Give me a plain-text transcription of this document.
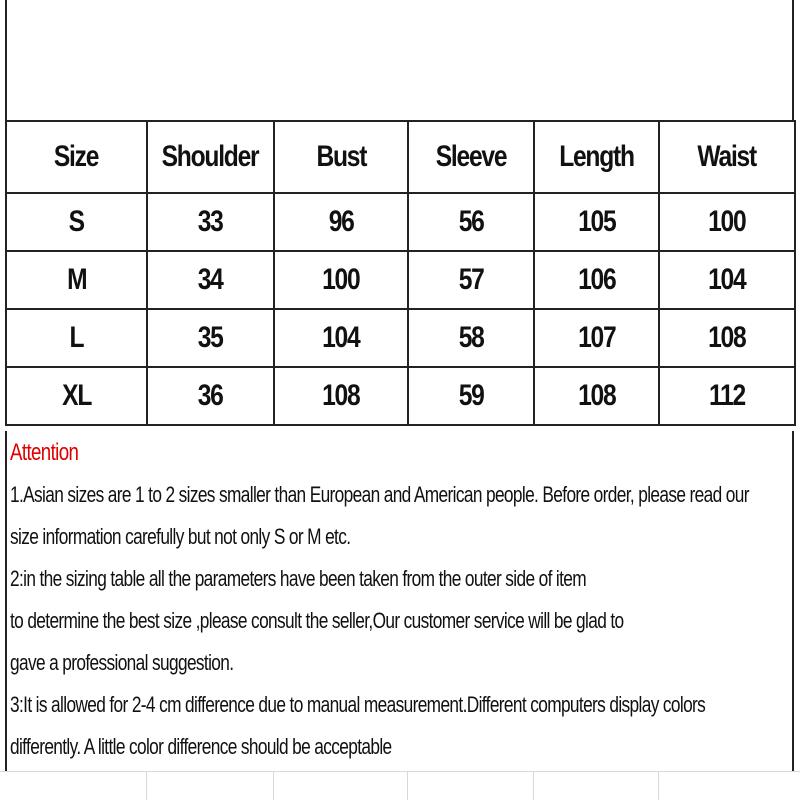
Size	Shoulder	Bust	Sleeve	Length	Waist
S	33	96	56	105	100
M	34	100	57	106	104
L	35	104	58	107	108
XL	36	108	59	108	112
Attention
1.Asian sizes are 1 to 2 sizes smaller than European and American people. Before order, please read our
size information carefully but not only S or M etc.
2:in the sizing table all the parameters have been taken from the outer side of item
to determine the best size ,please consult the seller,Our customer service will be glad to
gave a professional suggestion.
3:It is allowed for 2-4 cm difference due to manual measurement.Different computers display colors
differently. A little color difference should be acceptable
